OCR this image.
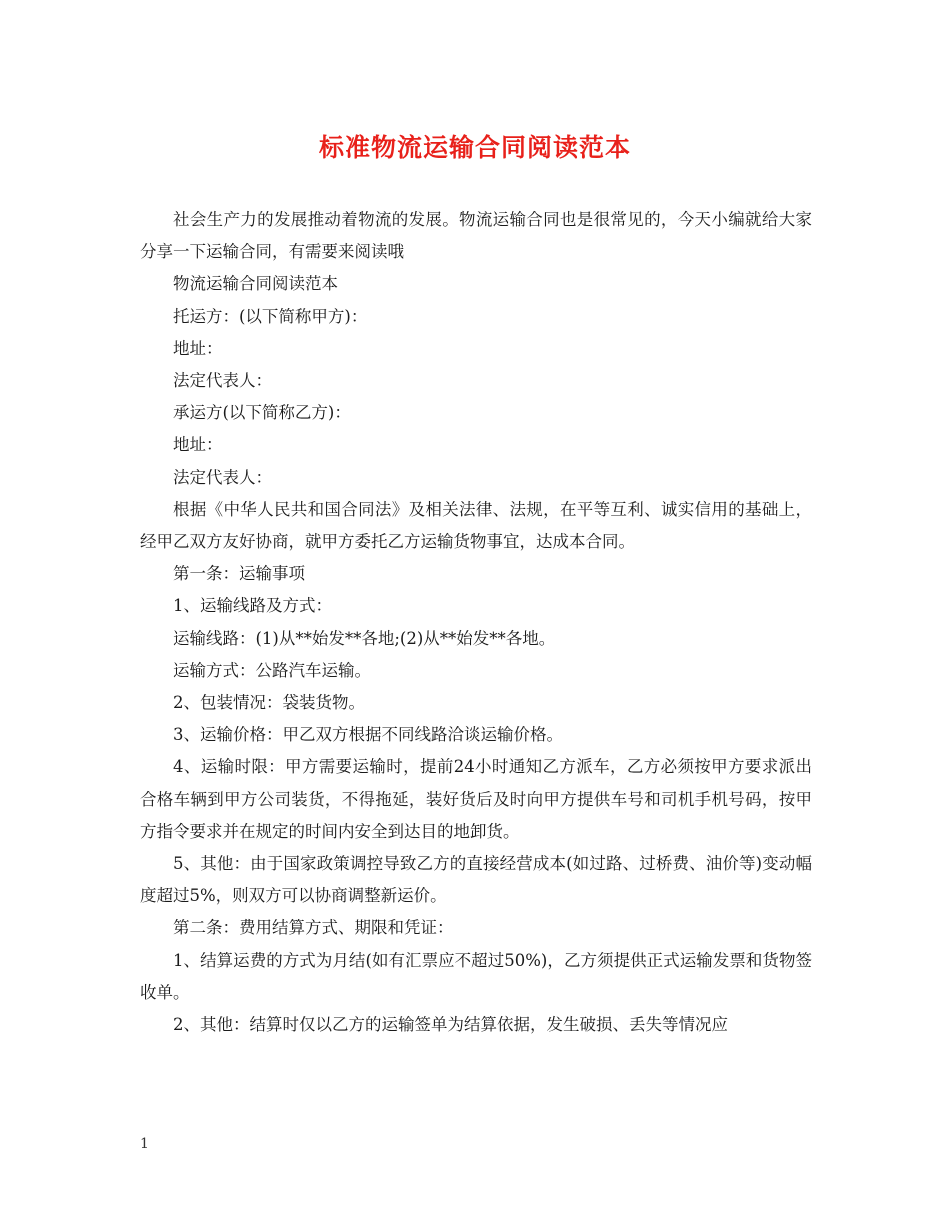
标准物流运输合同阅读范本

社会生产力的发展推动着物流的发展。物流运输合同也是很常见的，今天小编就给大家分享一下运输合同，有需要来阅读哦

物流运输合同阅读范本

托运方：(以下简称甲方)：

地址：

法定代表人：

承运方(以下简称乙方)：

地址：

法定代表人：

根据《中华人民共和国合同法》及相关法律、法规，在平等互利、诚实信用的基础上，经甲乙双方友好协商，就甲方委托乙方运输货物事宜，达成本合同。

第一条：运输事项

1、运输线路及方式：

运输线路：(1)从**始发**各地;(2)从**始发**各地。

运输方式：公路汽车运输。

2、包装情况：袋装货物。

3、运输价格：甲乙双方根据不同线路洽谈运输价格。

4、运输时限：甲方需要运输时，提前24小时通知乙方派车，乙方必须按甲方要求派出合格车辆到甲方公司装货，不得拖延，装好货后及时向甲方提供车号和司机手机号码，按甲方指令要求并在规定的时间内安全到达目的地卸货。

5、其他：由于国家政策调控导致乙方的直接经营成本(如过路、过桥费、油价等)变动幅度超过5%，则双方可以协商调整新运价。

第二条：费用结算方式、期限和凭证：

1、结算运费的方式为月结(如有汇票应不超过50%)，乙方须提供正式运输发票和货物签收单。

2、其他：结算时仅以乙方的运输签单为结算依据，发生破损、丢失等情况应

1
